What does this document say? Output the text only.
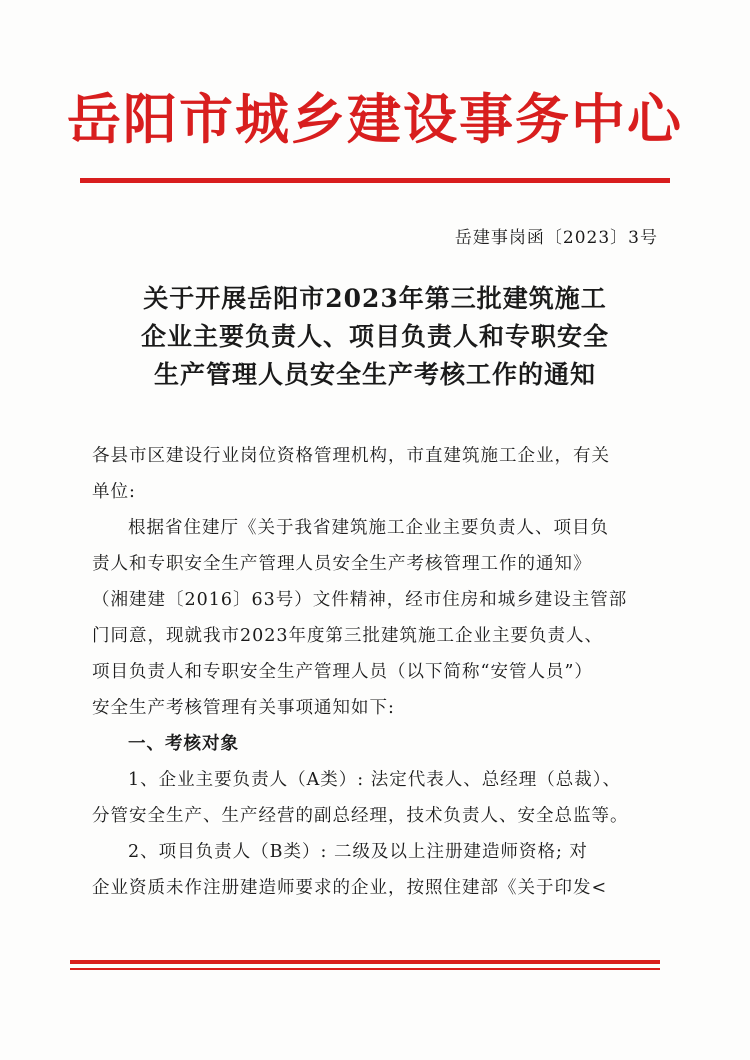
岳阳市城乡建设事务中心
岳建事岗函〔2023〕3号
关于开展岳阳市2023年第三批建筑施工
企业主要负责人、项目负责人和专职安全
生产管理人员安全生产考核工作的通知

各县市区建设行业岗位资格管理机构，市直建筑施工企业，有关

单位:

根据省住建厅《关于我省建筑施工企业主要负责人、项目负

责人和专职安全生产管理人员安全生产考核管理工作的通知》

（湘建建〔2016〕63号）文件精神，经市住房和城乡建设主管部

门同意，现就我市2023年度第三批建筑施工企业主要负责人、

项目负责人和专职安全生产管理人员（以下简称“安管人员”）

安全生产考核管理有关事项通知如下:

一、考核对象

1、企业主要负责人（A类）: 法定代表人、总经理（总裁）、

分管安全生产、生产经营的副总经理，技术负责人、安全总监等。

2、项目负责人（B类）: 二级及以上注册建造师资格; 对

企业资质未作注册建造师要求的企业，按照住建部《关于印发<
